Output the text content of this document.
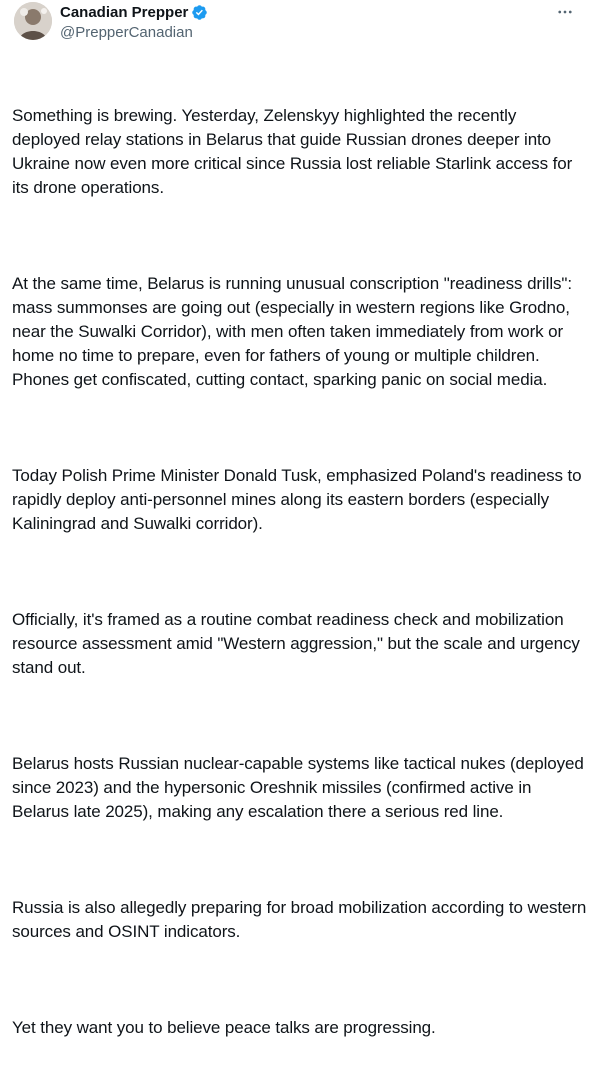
Canadian Prepper
@PrepperCanadian

Something is brewing. Yesterday, Zelenskyy highlighted the recently deployed relay stations in Belarus that guide Russian drones deeper into Ukraine now even more critical since Russia lost reliable Starlink access for its drone operations.

At the same time, Belarus is running unusual conscription "readiness drills": mass summonses are going out (especially in western regions like Grodno, near the Suwalki Corridor), with men often taken immediately from work or home no time to prepare, even for fathers of young or multiple children. Phones get confiscated, cutting contact, sparking panic on social media.

Today Polish Prime Minister Donald Tusk, emphasized Poland's readiness to rapidly deploy anti-personnel mines along its eastern borders (especially Kaliningrad and Suwalki corridor).

Officially, it's framed as a routine combat readiness check and mobilization resource assessment amid "Western aggression," but the scale and urgency stand out.

Belarus hosts Russian nuclear-capable systems like tactical nukes (deployed since 2023) and the hypersonic Oreshnik missiles (confirmed active in Belarus late 2025), making any escalation there a serious red line.

Russia is also allegedly preparing for broad mobilization according to western sources and OSINT indicators.

Yet they want you to believe peace talks are progressing.
